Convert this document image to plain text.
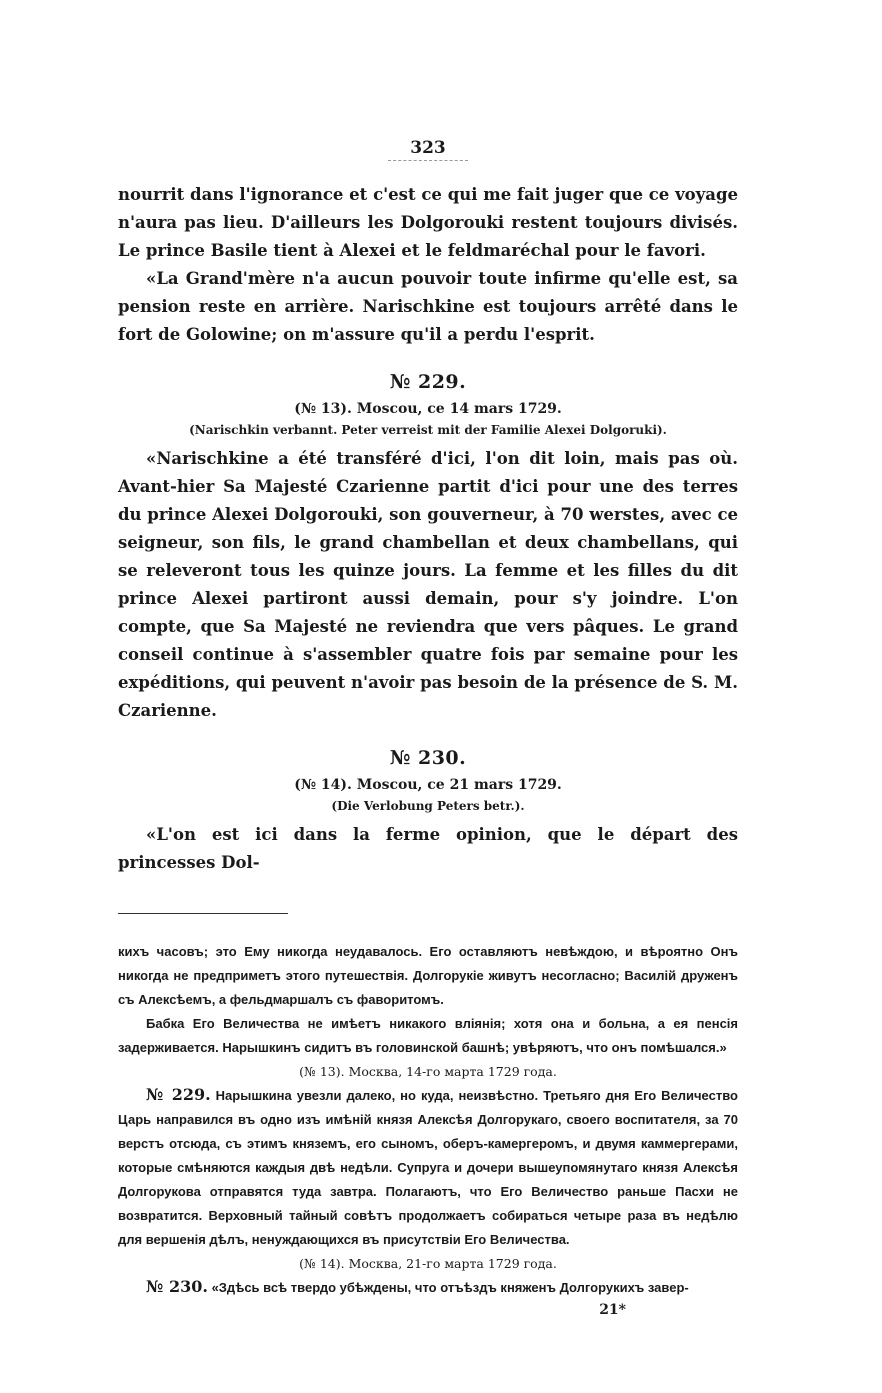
323

nourrit dans l'ignorance et c'est ce qui me fait juger que ce voyage n'aura pas lieu. D'ailleurs les Dolgorouki restent toujours divisés. Le prince Basile tient à Alexei et le feldmaréchal pour le favori.

«La Grand'mère n'a aucun pouvoir toute infirme qu'elle est, sa pension reste en arrière. Narischkine est toujours arrêté dans le fort de Golowine; on m'assure qu'il a perdu l'esprit.

№ 229.
(№ 13). Moscou, ce 14 mars 1729.
(Narischkin verbannt. Peter verreist mit der Familie Alexei Dolgoruki).

«Narischkine a été transféré d'ici, l'on dit loin, mais pas où. Avant-hier Sa Majesté Czarienne partit d'ici pour une des terres du prince Alexei Dolgorouki, son gouverneur, à 70 werstes, avec ce seigneur, son fils, le grand chambellan et deux chambellans, qui se releveront tous les quinze jours. La femme et les filles du dit prince Alexei partiront aussi demain, pour s'y joindre. L'on compte, que Sa Majesté ne reviendra que vers pâques. Le grand conseil continue à s'assembler quatre fois par semaine pour les expéditions, qui peuvent n'avoir pas besoin de la présence de S. M. Czarienne.

№ 230.
(№ 14). Moscou, ce 21 mars 1729.
(Die Verlobung Peters betr.).

«L'on est ici dans la ferme opinion, que le départ des princesses Dol-

кихъ часовъ; это Ему никогда неудавалось. Его оставляютъ невѣждою, и вѣроятно Онъ никогда не предприметъ этого путешествія. Долгорукіе живутъ несогласно; Василій друженъ съ Алексѣемъ, а фельдмаршалъ съ фаворитомъ.

Бабка Его Величества не имѣетъ никакого вліянія; хотя она и больна, а ея пенсія задерживается. Нарышкинъ сидитъ въ головинской башнѣ; увѣряютъ, что онъ помѣшался.»

(№ 13). Москва, 14-го марта 1729 года.

№ 229. Нарышкина увезли далеко, но куда, неизвѣстно. Третьяго дня Его Величество Царь направился въ одно изъ имѣній князя Алексѣя Долгорукаго, своего воспитателя, за 70 верстъ отсюда, съ этимъ княземъ, его сыномъ, оберъ-камергеромъ, и двумя каммергерами, которые смѣняются каждыя двѣ недѣли. Супруга и дочери вышеупомянутаго князя Алексѣя Долгорукова отправятся туда завтра. Полагаютъ, что Его Величество раньше Пасхи не возвратится. Верховный тайный совѣтъ продолжаетъ собираться четыре раза въ недѣлю для вершенія дѣлъ, ненуждающихся въ присутствіи Его Величества.

(№ 14). Москва, 21-го марта 1729 года.

№ 230. «Здѣсь всѣ твердо убѣждены, что отъѣздъ княженъ Долгорукихъ завер-

21*
